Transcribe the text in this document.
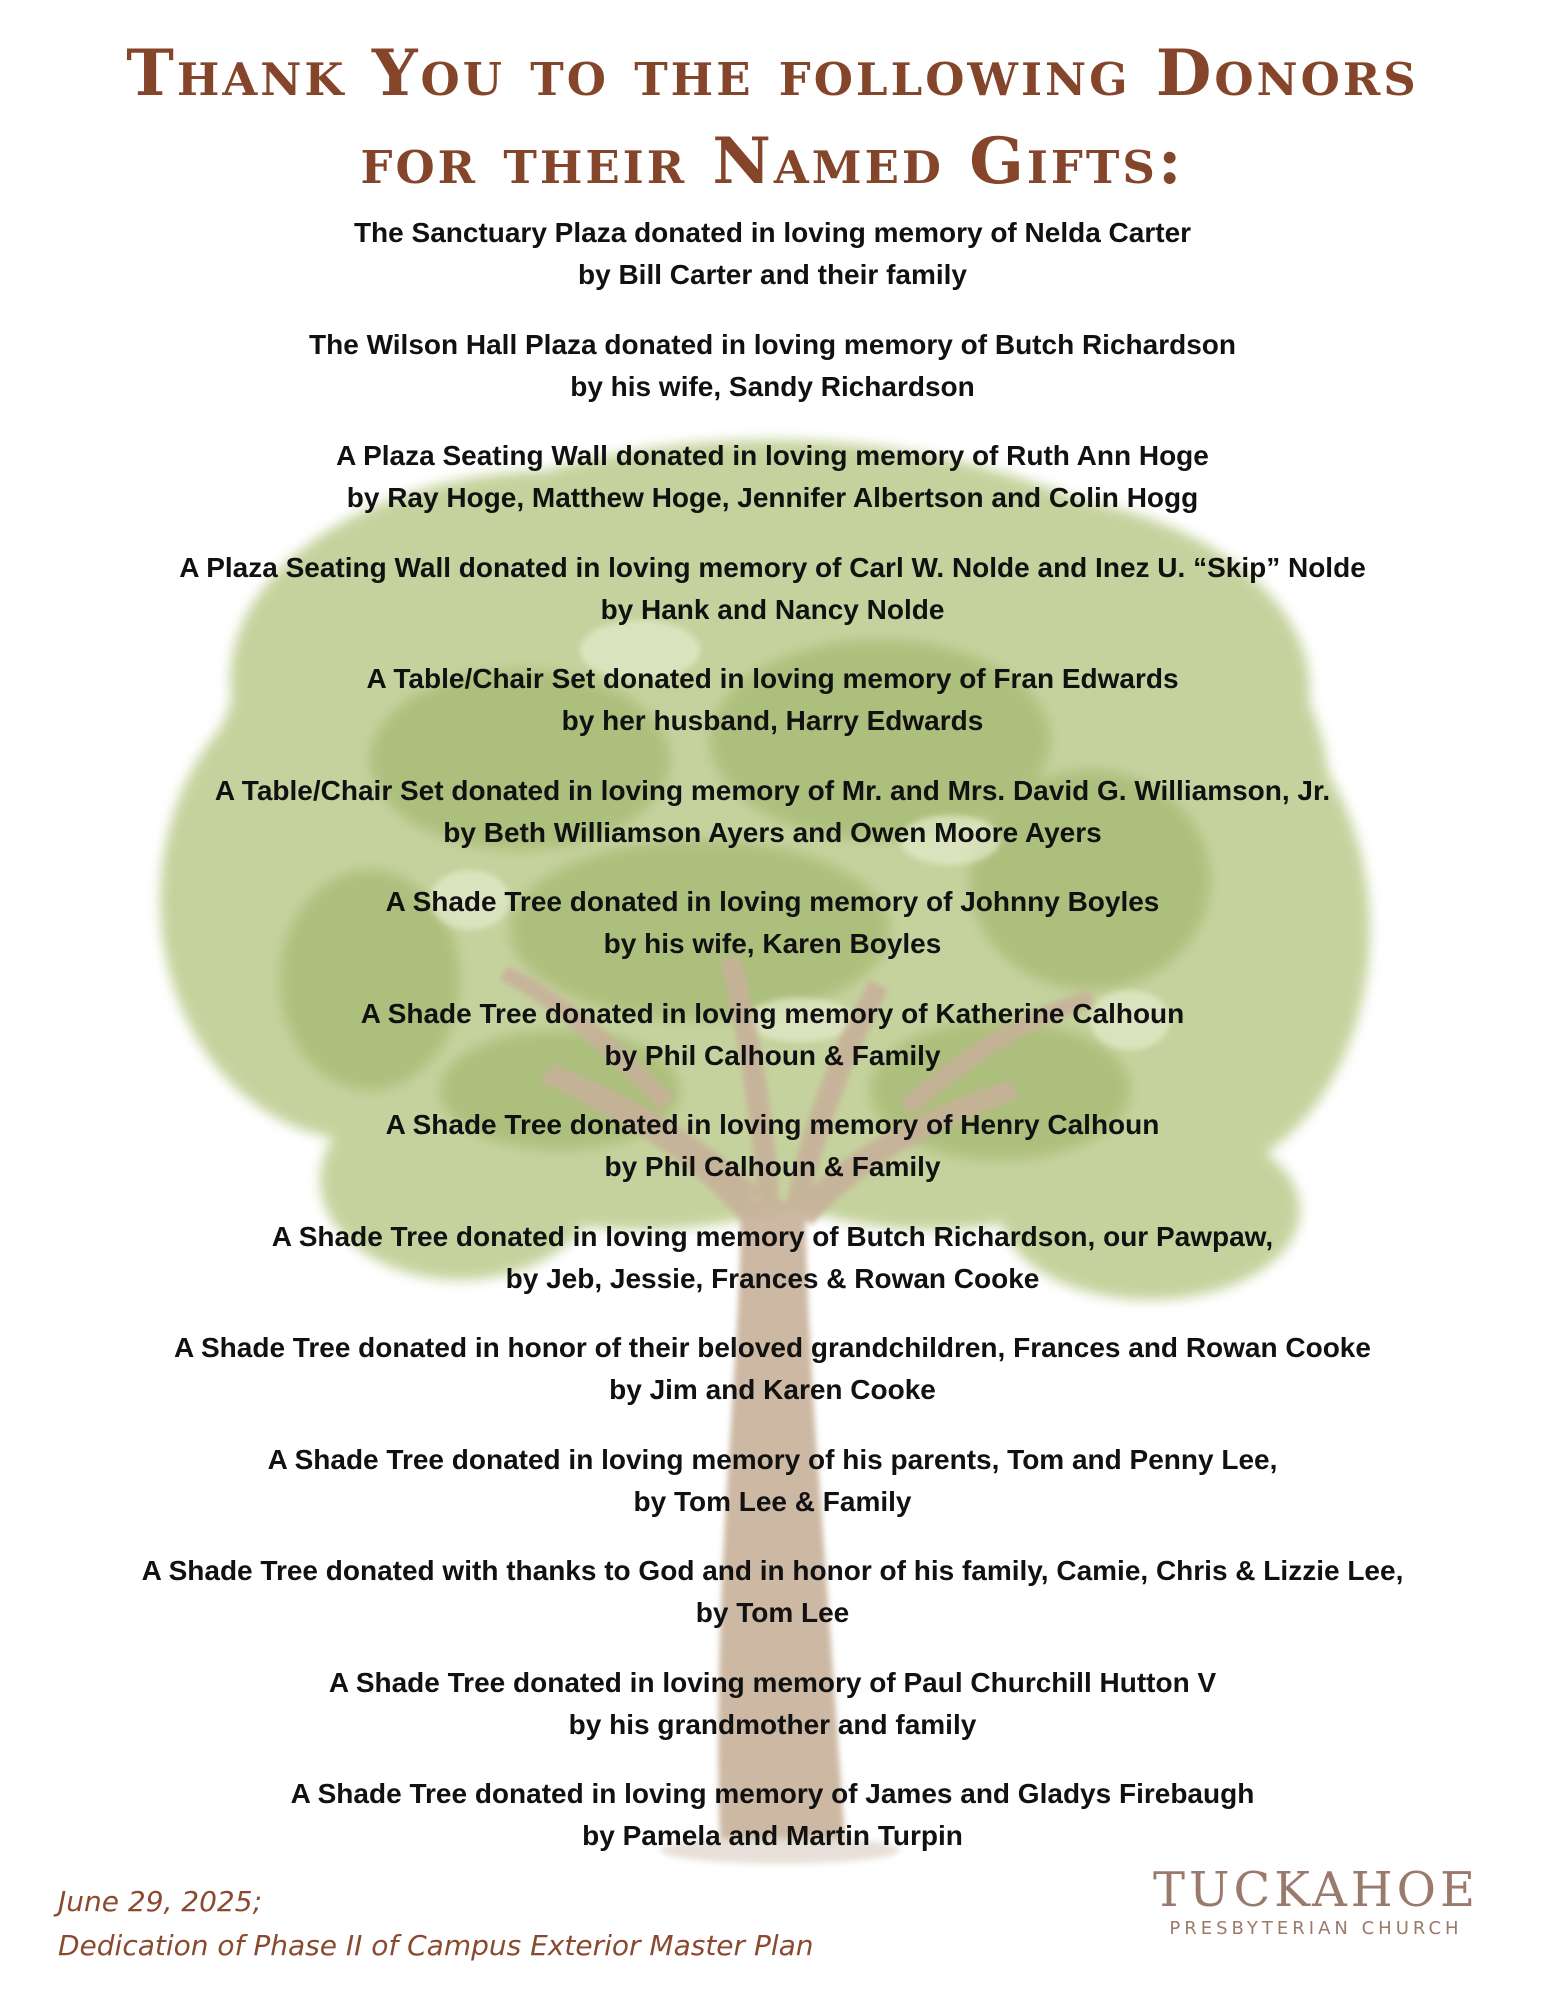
Thank You to the following Donors
for their Named Gifts:
The Sanctuary Plaza donated in loving memory of Nelda Carter
by Bill Carter and their family
The Wilson Hall Plaza donated in loving memory of Butch Richardson
by his wife, Sandy Richardson
A Plaza Seating Wall donated in loving memory of Ruth Ann Hoge
by Ray Hoge, Matthew Hoge, Jennifer Albertson and Colin Hogg
A Plaza Seating Wall donated in loving memory of Carl W. Nolde and Inez U. “Skip” Nolde
by Hank and Nancy Nolde
A Table/Chair Set donated in loving memory of Fran Edwards
by her husband, Harry Edwards
A Table/Chair Set donated in loving memory of Mr. and Mrs. David G. Williamson, Jr.
by Beth Williamson Ayers and Owen Moore Ayers
A Shade Tree donated in loving memory of Johnny Boyles
by his wife, Karen Boyles
A Shade Tree donated in loving memory of Katherine Calhoun
by Phil Calhoun & Family
A Shade Tree donated in loving memory of Henry Calhoun
by Phil Calhoun & Family
A Shade Tree donated in loving memory of Butch Richardson, our Pawpaw,
by Jeb, Jessie, Frances & Rowan Cooke
A Shade Tree donated in honor of their beloved grandchildren, Frances and Rowan Cooke
by Jim and Karen Cooke
A Shade Tree donated in loving memory of his parents, Tom and Penny Lee,
by Tom Lee & Family
A Shade Tree donated with thanks to God and in honor of his family, Camie, Chris & Lizzie Lee,
by Tom Lee
A Shade Tree donated in loving memory of Paul Churchill Hutton V
by his grandmother and family
A Shade Tree donated in loving memory of James and Gladys Firebaugh
by Pamela and Martin Turpin
June 29, 2025;
Dedication of Phase II of Campus Exterior Master Plan
TUCKAHOE
PRESBYTERIAN CHURCH
